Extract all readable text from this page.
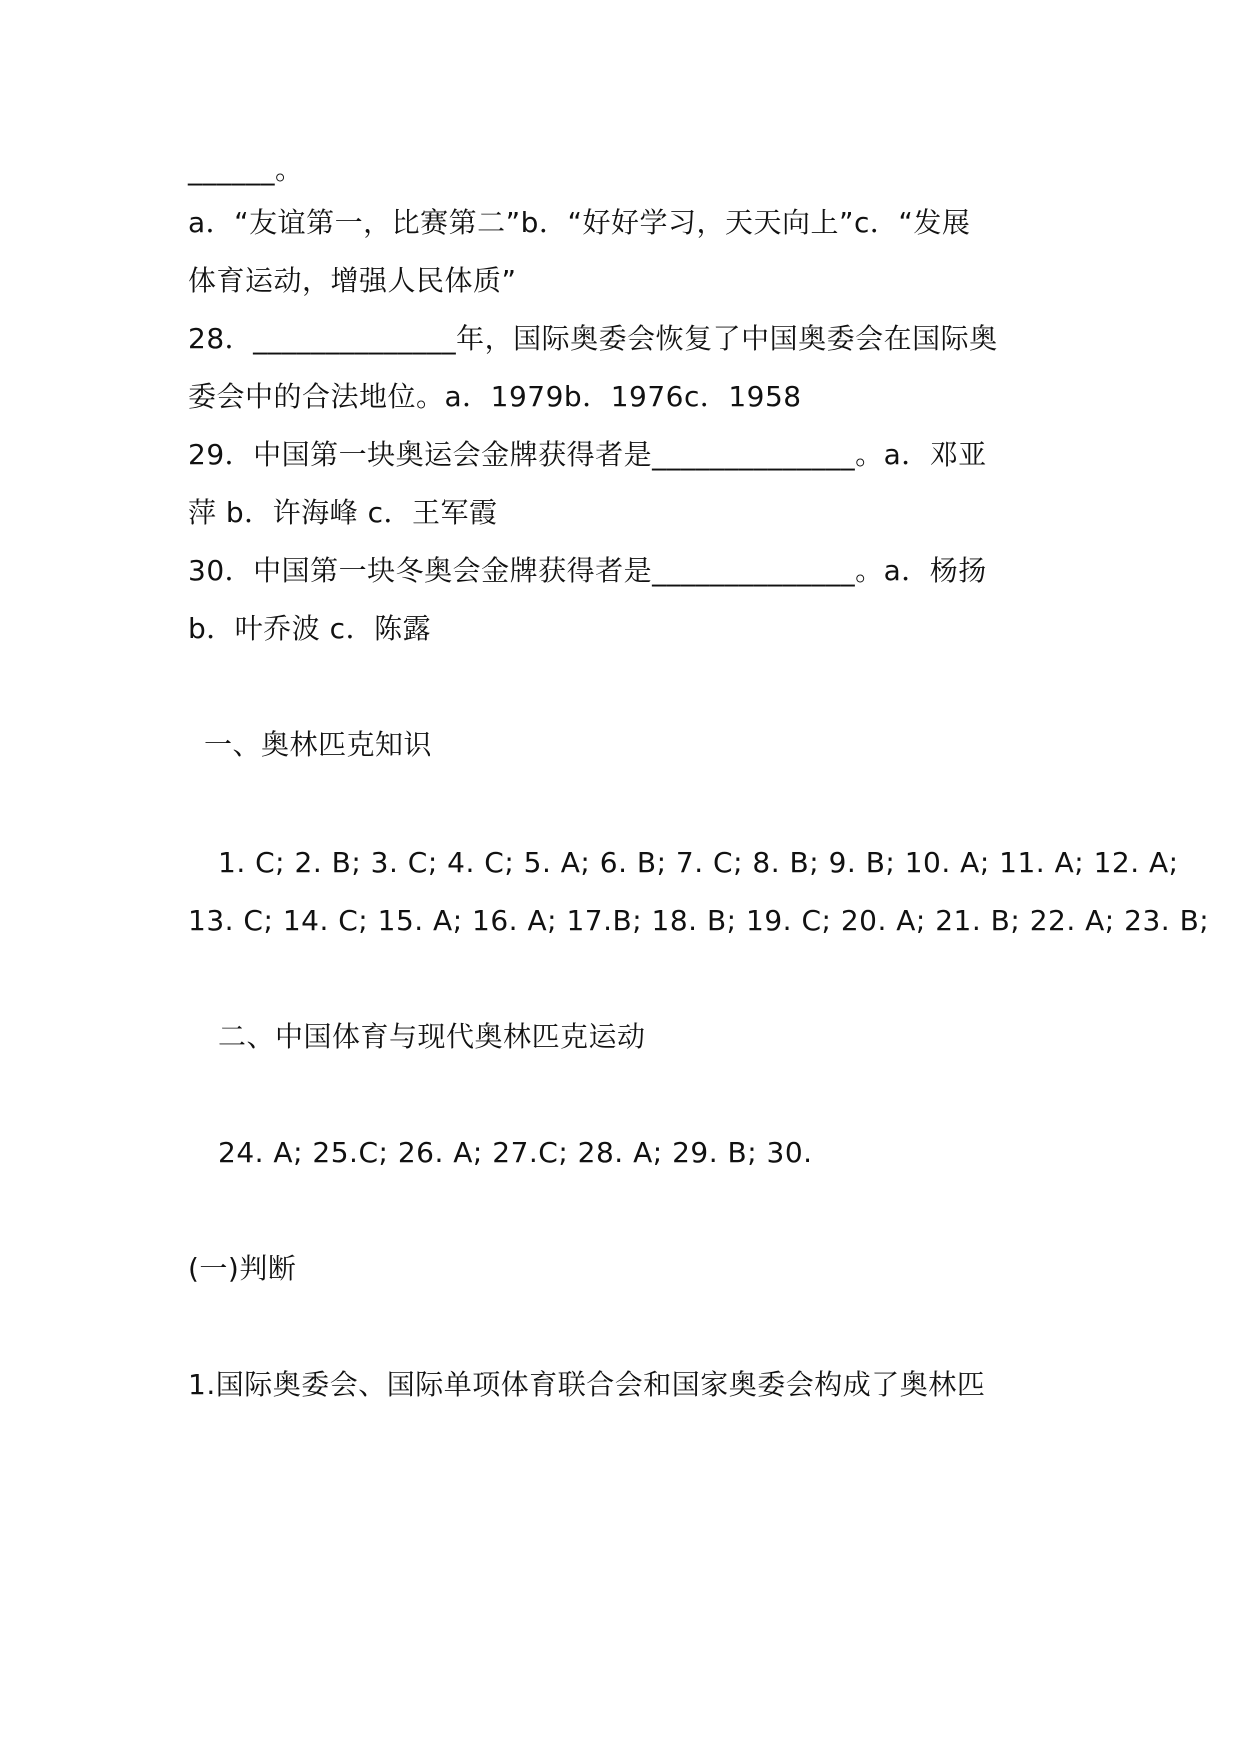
______。
a．“友谊第一，比赛第二”b．“好好学习，天天向上”c．“发展
体育运动，增强人民体质”
28．______________年，国际奥委会恢复了中国奥委会在国际奥
委会中的合法地位。a．1979b．1976c．1958
29．中国第一块奥运会金牌获得者是______________。a．邓亚
萍 b．许海峰 c．王军霞
30．中国第一块冬奥会金牌获得者是______________。a．杨扬
b．叶乔波 c．陈露
一、奥林匹克知识
1. C; 2. B; 3. C; 4. C; 5. A; 6. B; 7. C; 8. B; 9. B; 10. A; 11. A; 12. A;
13. C; 14. C; 15. A; 16. A; 17.B; 18. B; 19. C; 20. A; 21. B; 22. A; 23. B;
二、中国体育与现代奥林匹克运动
24. A; 25.C; 26. A; 27.C; 28. A; 29. B; 30.
(一)判断
1.国际奥委会、国际单项体育联合会和国家奥委会构成了奥林匹
